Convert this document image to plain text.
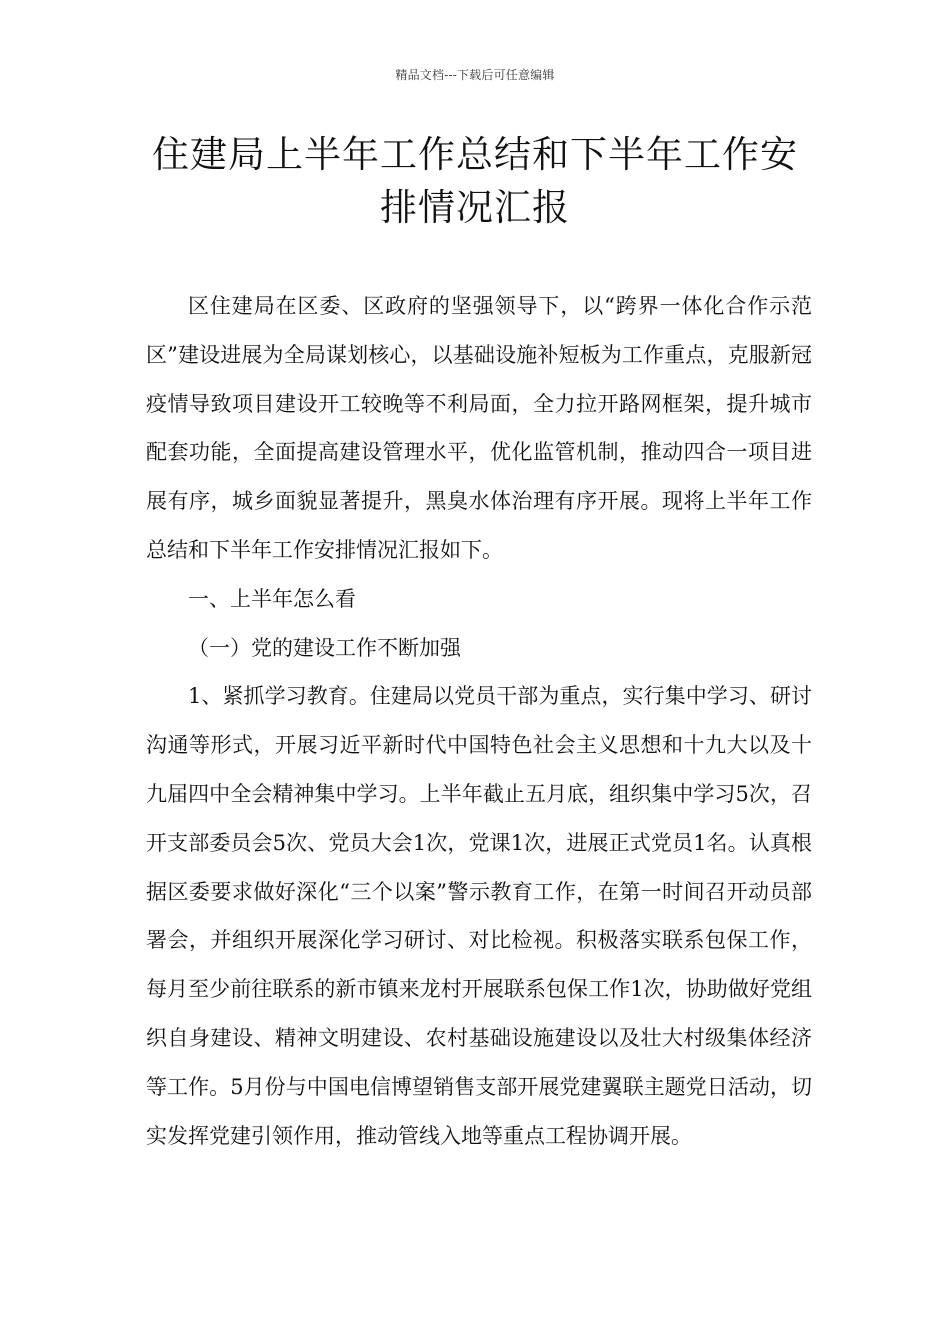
精品文档---下载后可任意编辑
住建局上半年工作总结和下半年工作安
排情况汇报

区住建局在区委、区政府的坚强领导下，以“跨界一体化合作示范区”建设进展为全局谋划核心，以基础设施补短板为工作重点，克服新冠疫情导致项目建设开工较晚等不利局面，全力拉开路网框架，提升城市配套功能，全面提高建设管理水平，优化监管机制，推动四合一项目进展有序，城乡面貌显著提升，黑臭水体治理有序开展。现将上半年工作总结和下半年工作安排情况汇报如下。

一、上半年怎么看

（一）党的建设工作不断加强

1、紧抓学习教育。住建局以党员干部为重点，实行集中学习、研讨沟通等形式，开展习近平新时代中国特色社会主义思想和十九大以及十九届四中全会精神集中学习。上半年截止五月底，组织集中学习5次，召开支部委员会5次、党员大会1次，党课1次，进展正式党员1名。认真根据区委要求做好深化“三个以案”警示教育工作，在第一时间召开动员部署会，并组织开展深化学习研讨、对比检视。积极落实联系包保工作，每月至少前往联系的新市镇来龙村开展联系包保工作1次，协助做好党组织自身建设、精神文明建设、农村基础设施建设以及壮大村级集体经济等工作。5月份与中国电信博望销售支部开展党建翼联主题党日活动，切实发挥党建引领作用，推动管线入地等重点工程协调开展。
